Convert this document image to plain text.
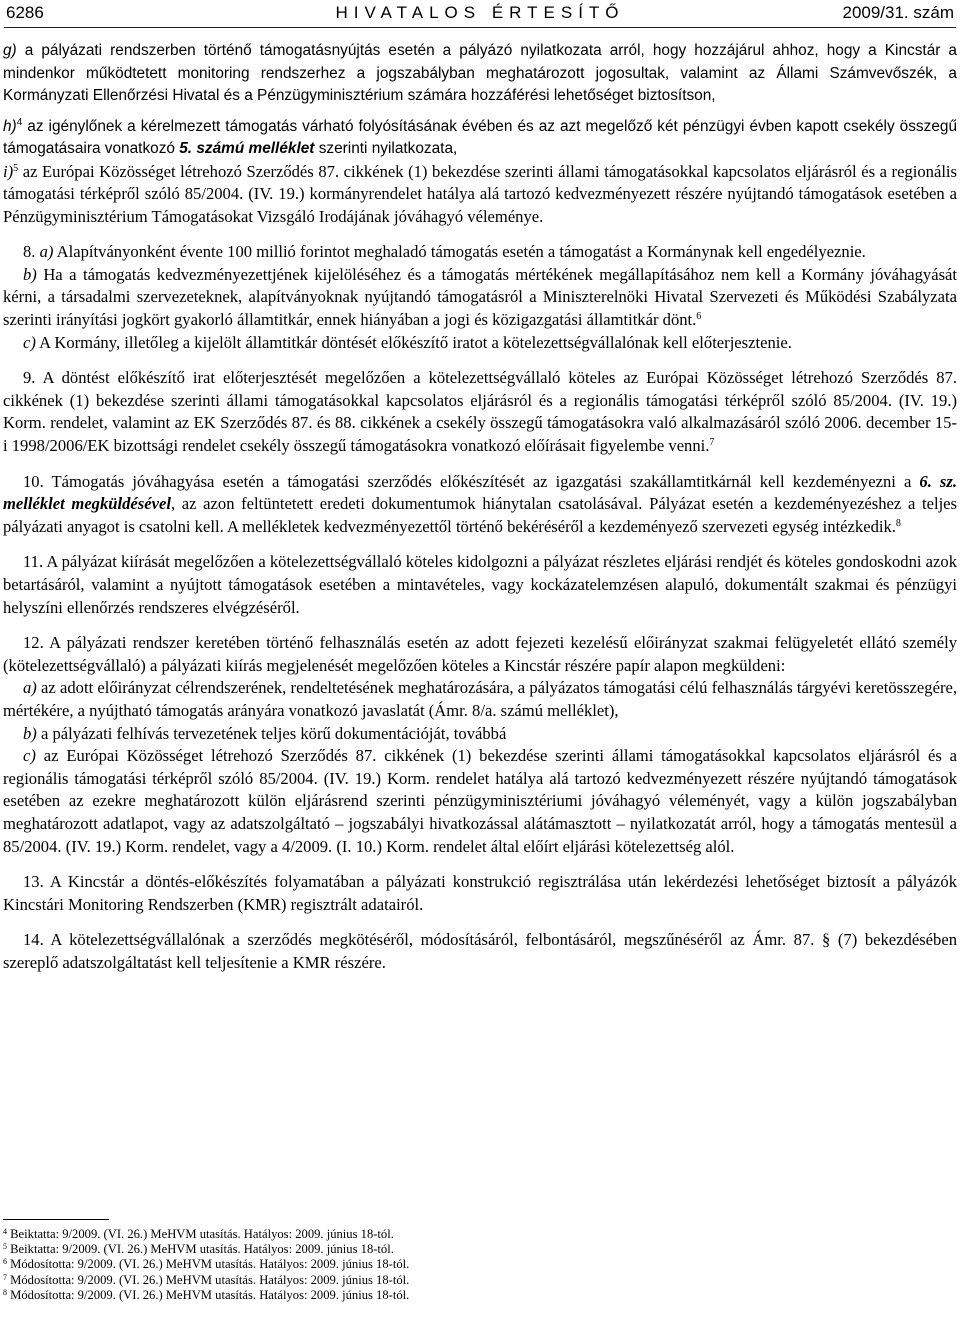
6286	HIVATALOS ÉRTESÍTŐ	2009/31. szám

g) a pályázati rendszerben történő támogatásnyújtás esetén a pályázó nyilatkozata arról, hogy hozzájárul ahhoz, hogy a Kincstár a mindenkor működtetett monitoring rendszerhez a jogszabályban meghatározott jogosultak, valamint az Állami Számvevőszék, a Kormányzati Ellenőrzési Hivatal és a Pénzügyminisztérium számára hozzáférési lehetőséget biztosítson,

h)$^4$ az igénylőnek a kérelmezett támogatás várható folyósításának évében és az azt megelőző két pénzügyi évben kapott csekély összegű támogatásaira vonatkozó 5. számú melléklet szerinti nyilatkozata,

i)$^5$ az Európai Közösséget létrehozó Szerződés 87. cikkének (1) bekezdése szerinti állami támogatásokkal kapcsolatos eljárásról és a regionális támogatási térképről szóló 85/2004. (IV. 19.) kormányrendelet hatálya alá tartozó kedvezményezett részére nyújtandó támogatások esetében a Pénzügyminisztérium Támogatásokat Vizsgáló Irodájának jóváhagyó véleménye.

8. a) Alapítványonként évente 100 millió forintot meghaladó támogatás esetén a támogatást a Kormánynak kell engedélyeznie.

b) Ha a támogatás kedvezményezettjének kijelöléséhez és a támogatás mértékének megállapításához nem kell a Kormány jóváhagyását kérni, a társadalmi szervezeteknek, alapítványoknak nyújtandó támogatásról a Miniszterelnöki Hivatal Szervezeti és Működési Szabályzata szerinti irányítási jogkört gyakorló államtitkár, ennek hiányában a jogi és közigazgatási államtitkár dönt.$^6$

c) A Kormány, illetőleg a kijelölt államtitkár döntését előkészítő iratot a kötelezettségvállalónak kell előterjesztenie.

9. A döntést előkészítő irat előterjesztését megelőzően a kötelezettségvállaló köteles az Európai Közösséget létrehozó Szerződés 87. cikkének (1) bekezdése szerinti állami támogatásokkal kapcsolatos eljárásról és a regionális támogatási térképről szóló 85/2004. (IV. 19.) Korm. rendelet, valamint az EK Szerződés 87. és 88. cikkének a csekély összegű támogatásokra való alkalmazásáról szóló 2006. december 15-i 1998/2006/EK bizottsági rendelet csekély összegű támogatásokra vonatkozó előírásait figyelembe venni.$^7$

10. Támogatás jóváhagyása esetén a támogatási szerződés előkészítését az igazgatási szakállamtitkárnál kell kezdeményezni a 6. sz. melléklet megküldésével, az azon feltüntetett eredeti dokumentumok hiánytalan csatolásával. Pályázat esetén a kezdeményezéshez a teljes pályázati anyagot is csatolni kell. A mellékletek kedvezményezettől történő bekéréséről a kezdeményező szervezeti egység intézkedik.$^8$

11. A pályázat kiírását megelőzően a kötelezettségvállaló köteles kidolgozni a pályázat részletes eljárási rendjét és köteles gondoskodni azok betartásáról, valamint a nyújtott támogatások esetében a mintavételes, vagy kockázatelemzésen alapuló, dokumentált szakmai és pénzügyi helyszíni ellenőrzés rendszeres elvégzéséről.

12. A pályázati rendszer keretében történő felhasználás esetén az adott fejezeti kezelésű előirányzat szakmai felügyeletét ellátó személy (kötelezettségvállaló) a pályázati kiírás megjelenését megelőzően köteles a Kincstár részére papír alapon megküldeni:

a) az adott előirányzat célrendszerének, rendeltetésének meghatározására, a pályázatos támogatási célú felhasználás tárgyévi keretösszegére, mértékére, a nyújtható támogatás arányára vonatkozó javaslatát (Ámr. 8/a. számú melléklet),

b) a pályázati felhívás tervezetének teljes körű dokumentációját, továbbá

c) az Európai Közösséget létrehozó Szerződés 87. cikkének (1) bekezdése szerinti állami támogatásokkal kapcsolatos eljárásról és a regionális támogatási térképről szóló 85/2004. (IV. 19.) Korm. rendelet hatálya alá tartozó kedvezményezett részére nyújtandó támogatások esetében az ezekre meghatározott külön eljárásrend szerinti pénzügyminisztériumi jóváhagyó véleményét, vagy a külön jogszabályban meghatározott adatlapot, vagy az adatszolgáltató – jogszabályi hivatkozással alátámasztott – nyilatkozatát arról, hogy a támogatás mentesül a 85/2004. (IV. 19.) Korm. rendelet, vagy a 4/2009. (I. 10.) Korm. rendelet által előírt eljárási kötelezettség alól.

13. A Kincstár a döntés-előkészítés folyamatában a pályázati konstrukció regisztrálása után lekérdezési lehetőséget biztosít a pályázók Kincstári Monitoring Rendszerben (KMR) regisztrált adatairól.

14. A kötelezettségvállalónak a szerződés megkötéséről, módosításáról, felbontásáról, megszűnéséről az Ámr. 87. § (7) bekezdésében szereplő adatszolgáltatást kell teljesítenie a KMR részére.

$^4$ Beiktatta: 9/2009. (VI. 26.) MeHVM utasítás. Hatályos: 2009. június 18-tól.
$^5$ Beiktatta: 9/2009. (VI. 26.) MeHVM utasítás. Hatályos: 2009. június 18-tól.
$^6$ Módosította: 9/2009. (VI. 26.) MeHVM utasítás. Hatályos: 2009. június 18-tól.
$^7$ Módosította: 9/2009. (VI. 26.) MeHVM utasítás. Hatályos: 2009. június 18-tól.
$^8$ Módosította: 9/2009. (VI. 26.) MeHVM utasítás. Hatályos: 2009. június 18-tól.
